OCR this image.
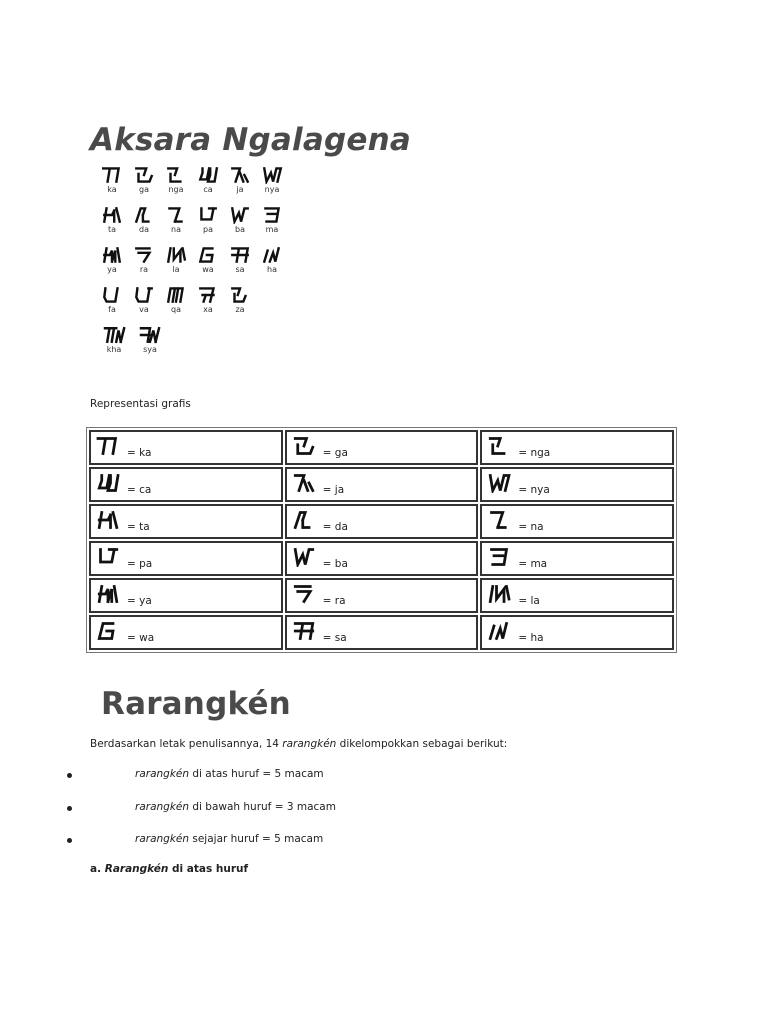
Aksara Ngalagena
ka	ga nga ca	ja	nya
ta	da	na	pa	ba	ma
ya	ra	la	wa	sa	ha
fa	va	qa	xa	za
kha	sya
Representasi grafis
= ka	= ga	= nga

= ca	= ja	= nya

= ta	= da	= na

= pa	= ba	= ma

= ya	= ra	= la

= wa	= sa	= ha
Rarangkén
Berdasarkan letak penulisannya, 14 rarangkén dikelompokkan sebagai berikut:
rarangkén di atas huruf = 5 macam
rarangkén di bawah huruf = 3 macam
rarangkén sejajar huruf = 5 macam
a. Rarangkén di atas huruf
